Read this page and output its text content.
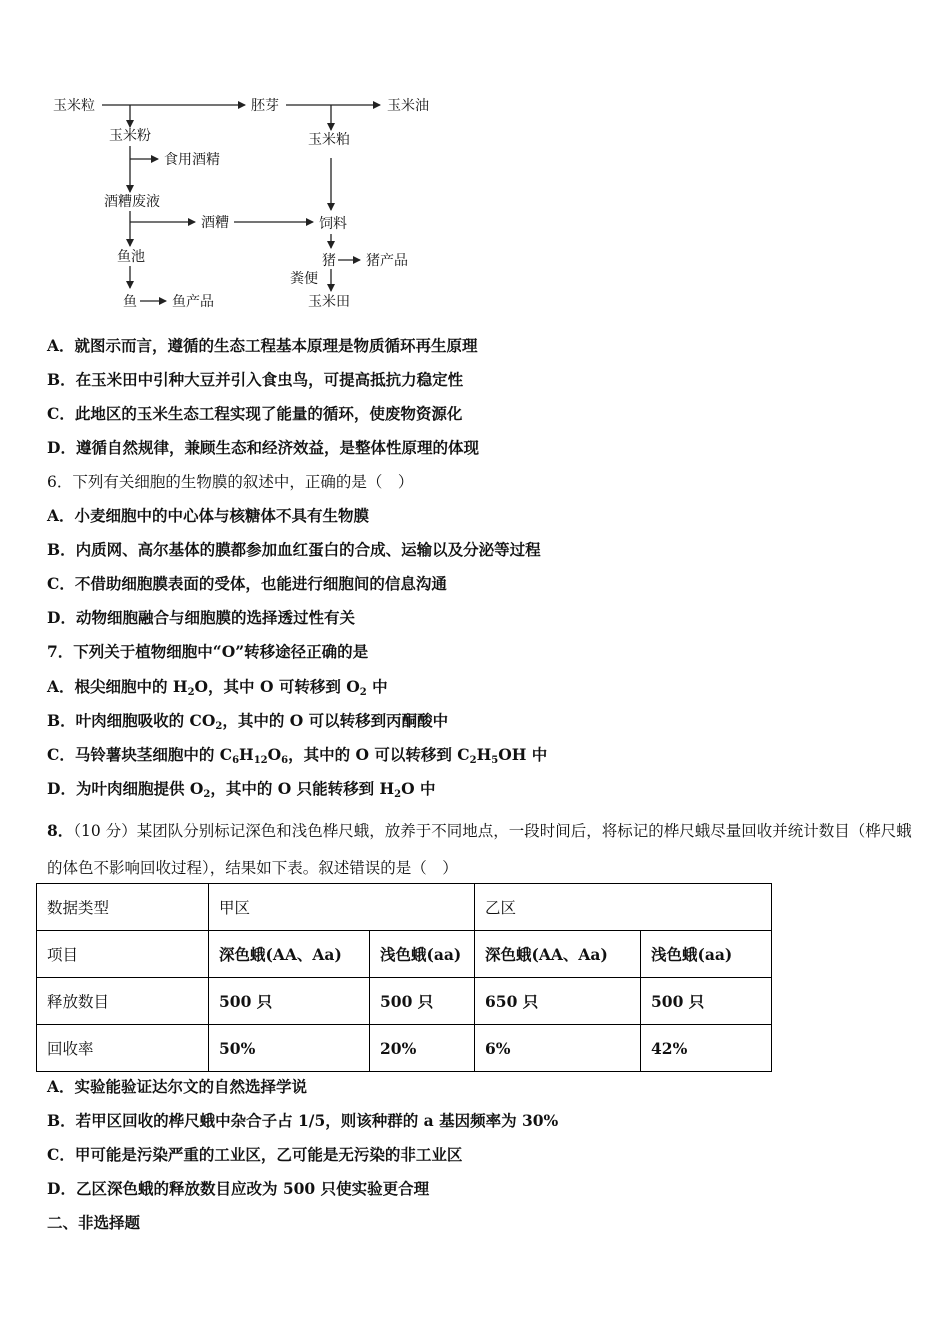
玉米粒	胚芽	玉米油
玉米粉	玉米粕
食用酒精
酒糟废液
酒糟	饲料
鱼池	猪 猪产品
粪便
鱼	鱼产品	玉米田
A．就图示而言，遵循的生态工程基本原理是物质循环再生原理
B．在玉米田中引种大豆并引入食虫鸟，可提高抵抗力稳定性
C．此地区的玉米生态工程实现了能量的循环，使废物资源化
D．遵循自然规律，兼顾生态和经济效益，是整体性原理的体现
6．下列有关细胞的生物膜的叙述中，正确的是（　）
A．小麦细胞中的中心体与核糖体不具有生物膜
B．内质网、高尔基体的膜都参加血红蛋白的合成、运输以及分泌等过程
C．不借助细胞膜表面的受体，也能进行细胞间的信息沟通
D．动物细胞融合与细胞膜的选择透过性有关
7．下列关于植物细胞中“O”转移途径正确的是
A．根尖细胞中的 $H_2O$，其中 O 可转移到 $O_2$ 中
B．叶肉细胞吸收的 $CO_2$，其中的 O 可以转移到丙酮酸中
C．马铃薯块茎细胞中的 $C_6H_{12}O_6$，其中的 O 可以转移到 $C_2H_5OH$ 中
D．为叶肉细胞提供 $O_2$，其中的 O 只能转移到 $H_2O$ 中
8．（10 分）某团队分别标记深色和浅色桦尺蛾，放养于不同地点，一段时间后，将标记的桦尺蛾尽量回收并统计数目（桦尺蛾的体色不影响回收过程），结果如下表。叙述错误的是（　）
数据类型	甲区		乙区	
项目	深色蛾(AA、Aa)	浅色蛾(aa)	深色蛾(AA、Aa)	浅色蛾(aa)
释放数目	500 只	500 只	650 只	500 只
回收率	50%	20%	6%	42%
A．实验能验证达尔文的自然选择学说
B．若甲区回收的桦尺蛾中杂合子占 1/5，则该种群的 a 基因频率为 30%
C．甲可能是污染严重的工业区，乙可能是无污染的非工业区
D．乙区深色蛾的释放数目应改为 500 只使实验更合理
二、非选择题
